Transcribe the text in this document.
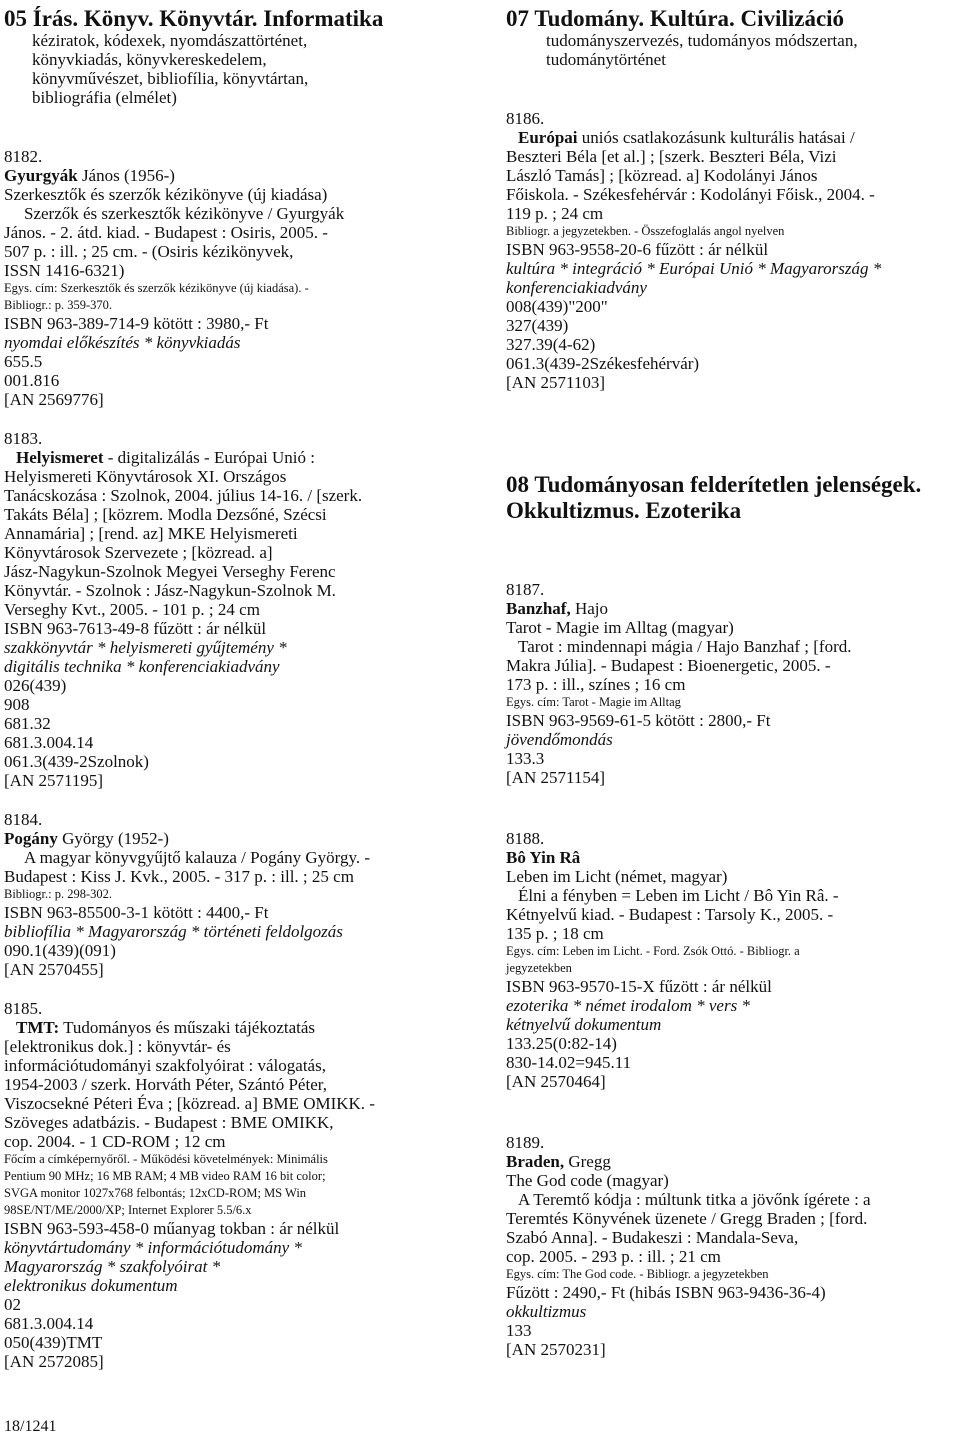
05 Írás. Könyv. Könyvtár. Informatika
kéziratok, kódexek, nyomdászattörténet,
könyvkiadás, könyvkereskedelem,
könyvművészet, bibliofília, könyvtártan,
bibliográfia (elmélet)
8182.
Gyurgyák János (1956-)
Szerkesztők és szerzők kézikönyve (új kiadása)
Szerzők és szerkesztők kézikönyve / Gyurgyák
János. - 2. átd. kiad. - Budapest : Osiris, 2005. -
507 p. : ill. ; 25 cm. - (Osiris kézikönyvek,
ISSN 1416-6321)
Egys. cím: Szerkesztők és szerzők kézikönyve (új kiadása). -
Bibliogr.: p. 359-370.
ISBN 963-389-714-9 kötött : 3980,- Ft
nyomdai előkészítés * könyvkiadás
655.5
001.816
[AN 2569776]
8183.
Helyismeret - digitalizálás - Európai Unió :
Helyismereti Könyvtárosok XI. Országos
Tanácskozása : Szolnok, 2004. július 14-16. / [szerk.
Takáts Béla] ; [közrem. Modla Dezsőné, Szécsi
Annamária] ; [rend. az] MKE Helyismereti
Könyvtárosok Szervezete ; [közread. a]
Jász-Nagykun-Szolnok Megyei Verseghy Ferenc
Könyvtár. - Szolnok : Jász-Nagykun-Szolnok M.
Verseghy Kvt., 2005. - 101 p. ; 24 cm
ISBN 963-7613-49-8 fűzött : ár nélkül
szakkönyvtár * helyismereti gyűjtemény *
digitális technika * konferenciakiadvány
026(439)
908
681.32
681.3.004.14
061.3(439-2Szolnok)
[AN 2571195]
8184.
Pogány György (1952-)
A magyar könyvgyűjtő kalauza / Pogány György. -
Budapest : Kiss J. Kvk., 2005. - 317 p. : ill. ; 25 cm
Bibliogr.: p. 298-302.
ISBN 963-85500-3-1 kötött : 4400,- Ft
bibliofília * Magyarország * történeti feldolgozás
090.1(439)(091)
[AN 2570455]
8185.
TMT: Tudományos és műszaki tájékoztatás
[elektronikus dok.] : könyvtár- és
információtudományi szakfolyóirat : válogatás,
1954-2003 / szerk. Horváth Péter, Szántó Péter,
Viszocsekné Péteri Éva ; [közread. a] BME OMIKK. -
Szöveges adatbázis. - Budapest : BME OMIKK,
cop. 2004. - 1 CD-ROM ; 12 cm
Főcím a címképernyőről. - Működési követelmények: Minimális
Pentium 90 MHz; 16 MB RAM; 4 MB video RAM 16 bit color;
SVGA monitor 1027x768 felbontás; 12xCD-ROM; MS Win
98SE/NT/ME/2000/XP; Internet Explorer 5.5/6.x
ISBN 963-593-458-0 műanyag tokban : ár nélkül
könyvtártudomány * információtudomány *
Magyarország * szakfolyóirat *
elektronikus dokumentum
02
681.3.004.14
050(439)TMT
[AN 2572085]
07 Tudomány. Kultúra. Civilizáció
tudományszervezés, tudományos módszertan,
tudománytörténet
8186.
Európai uniós csatlakozásunk kulturális hatásai /
Beszteri Béla [et al.] ; [szerk. Beszteri Béla, Vizi
László Tamás] ; [közread. a] Kodolányi János
Főiskola. - Székesfehérvár : Kodolányi Főisk., 2004. -
119 p. ; 24 cm
Bibliogr. a jegyzetekben. - Összefoglalás angol nyelven
ISBN 963-9558-20-6 fűzött : ár nélkül
kultúra * integráció * Európai Unió * Magyarország *
konferenciakiadvány
008(439)"200"
327(439)
327.39(4-62)
061.3(439-2Székesfehérvár)
[AN 2571103]
08 Tudományosan felderítetlen jelenségek.
Okkultizmus. Ezoterika
8187.
Banzhaf, Hajo
Tarot - Magie im Alltag (magyar)
Tarot : mindennapi mágia / Hajo Banzhaf ; [ford.
Makra Júlia]. - Budapest : Bioenergetic, 2005. -
173 p. : ill., színes ; 16 cm
Egys. cím: Tarot - Magie im Alltag
ISBN 963-9569-61-5 kötött : 2800,- Ft
jövendőmondás
133.3
[AN 2571154]
8188.
Bô Yin Râ
Leben im Licht (német, magyar)
Élni a fényben = Leben im Licht / Bô Yin Râ. -
Kétnyelvű kiad. - Budapest : Tarsoly K., 2005. -
135 p. ; 18 cm
Egys. cím: Leben im Licht. - Ford. Zsók Ottó. - Bibliogr. a
jegyzetekben
ISBN 963-9570-15-X fűzött : ár nélkül
ezoterika * német irodalom * vers *
kétnyelvű dokumentum
133.25(0:82-14)
830-14.02=945.11
[AN 2570464]
8189.
Braden, Gregg
The God code (magyar)
A Teremtő kódja : múltunk titka a jövőnk ígérete : a
Teremtés Könyvének üzenete / Gregg Braden ; [ford.
Szabó Anna]. - Budakeszi : Mandala-Seva,
cop. 2005. - 293 p. : ill. ; 21 cm
Egys. cím: The God code. - Bibliogr. a jegyzetekben
Fűzött : 2490,- Ft (hibás ISBN 963-9436-36-4)
okkultizmus
133
[AN 2570231]
18/1241
